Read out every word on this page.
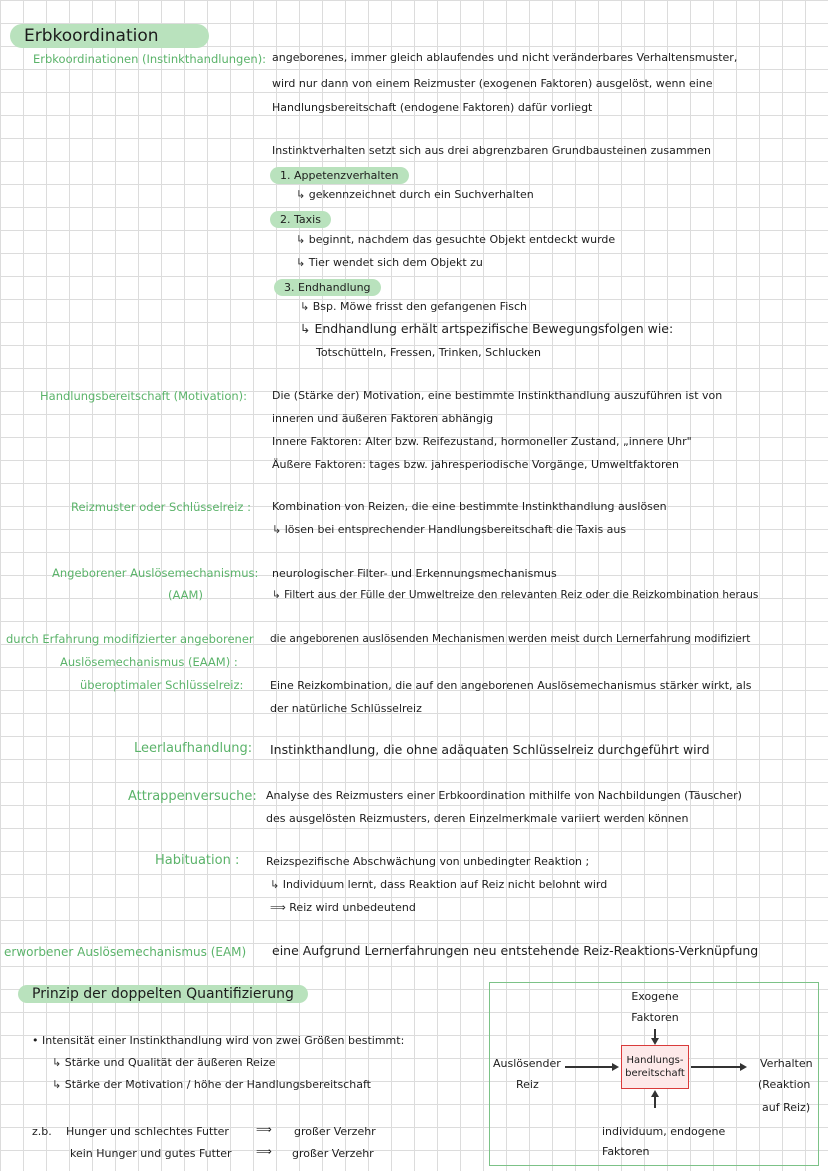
Erbkoordination
Erbkoordinationen (Instinkthandlungen): angeborenes, immer gleich ablaufendes und nicht veränderbares Verhaltensmuster,
wird nur dann von einem Reizmuster (exogenen Faktoren) ausgelöst, wenn eine
Handlungsbereitschaft (endogene Faktoren) dafür vorliegt
Instinktverhalten setzt sich aus drei abgrenzbaren Grundbausteinen zusammen
1. Appetenzverhalten
↳ gekennzeichnet durch ein Suchverhalten
2. Taxis
↳ beginnt, nachdem das gesuchte Objekt entdeckt wurde
↳ Tier wendet sich dem Objekt zu
3. Endhandlung
↳ Bsp. Möwe frisst den gefangenen Fisch
↳ Endhandlung erhält artspezifische Bewegungsfolgen wie:
Totschütteln, Fressen, Trinken, Schlucken
Handlungsbereitschaft (Motivation): Die (Stärke der) Motivation, eine bestimmte Instinkthandlung auszuführen ist von
inneren und äußeren Faktoren abhängig
Innere Faktoren: Alter bzw. Reifezustand, hormoneller Zustand, „innere Uhr"
Äußere Faktoren: tages bzw. jahresperiodische Vorgänge, Umweltfaktoren
Reizmuster oder Schlüsselreiz : Kombination von Reizen, die eine bestimmte Instinkthandlung auslösen
↳ lösen bei entsprechender Handlungsbereitschaft die Taxis aus
Angeborener Auslösemechanismus:
(AAM)
neurologischer Filter- und Erkennungsmechanismus
↳ Filtert aus der Fülle der Umweltreize den relevanten Reiz oder die Reizkombination heraus
durch Erfahrung modifizierter angeborener
Auslösemechanismus (EAAM) :
die angeborenen auslösenden Mechanismen werden meist durch Lernerfahrung modifiziert
überoptimaler Schlüsselreiz: Eine Reizkombination, die auf den angeborenen Auslösemechanismus stärker wirkt, als
der natürliche Schlüsselreiz
Leerlaufhandlung: Instinkthandlung, die ohne adäquaten Schlüsselreiz durchgeführt wird
Attrappenversuche: Analyse des Reizmusters einer Erbkoordination mithilfe von Nachbildungen (Täuscher)
des ausgelösten Reizmusters, deren Einzelmerkmale variiert werden können
Habituation : Reizspezifische Abschwächung von unbedingter Reaktion ;
↳ Individuum lernt, dass Reaktion auf Reiz nicht belohnt wird
⟹ Reiz wird unbedeutend
erworbener Auslösemechanismus (EAM) eine Aufgrund Lernerfahrungen neu entstehende Reiz-Reaktions-Verknüpfung
Prinzip der doppelten Quantifizierung
• Intensität einer Instinkthandlung wird von zwei Größen bestimmt:
↳ Stärke und Qualität der äußeren Reize
↳ Stärke der Motivation / höhe der Handlungsbereitschaft
z.b. Hunger und schlechtes Futter ⟹ großer Verzehr
kein Hunger und gutes Futter ⟹ großer Verzehr
Exogene
Faktoren
Auslösender
Reiz
Handlungs-
bereitschaft
Verhalten
(Reaktion
auf Reiz)
individuum, endogene
Faktoren
